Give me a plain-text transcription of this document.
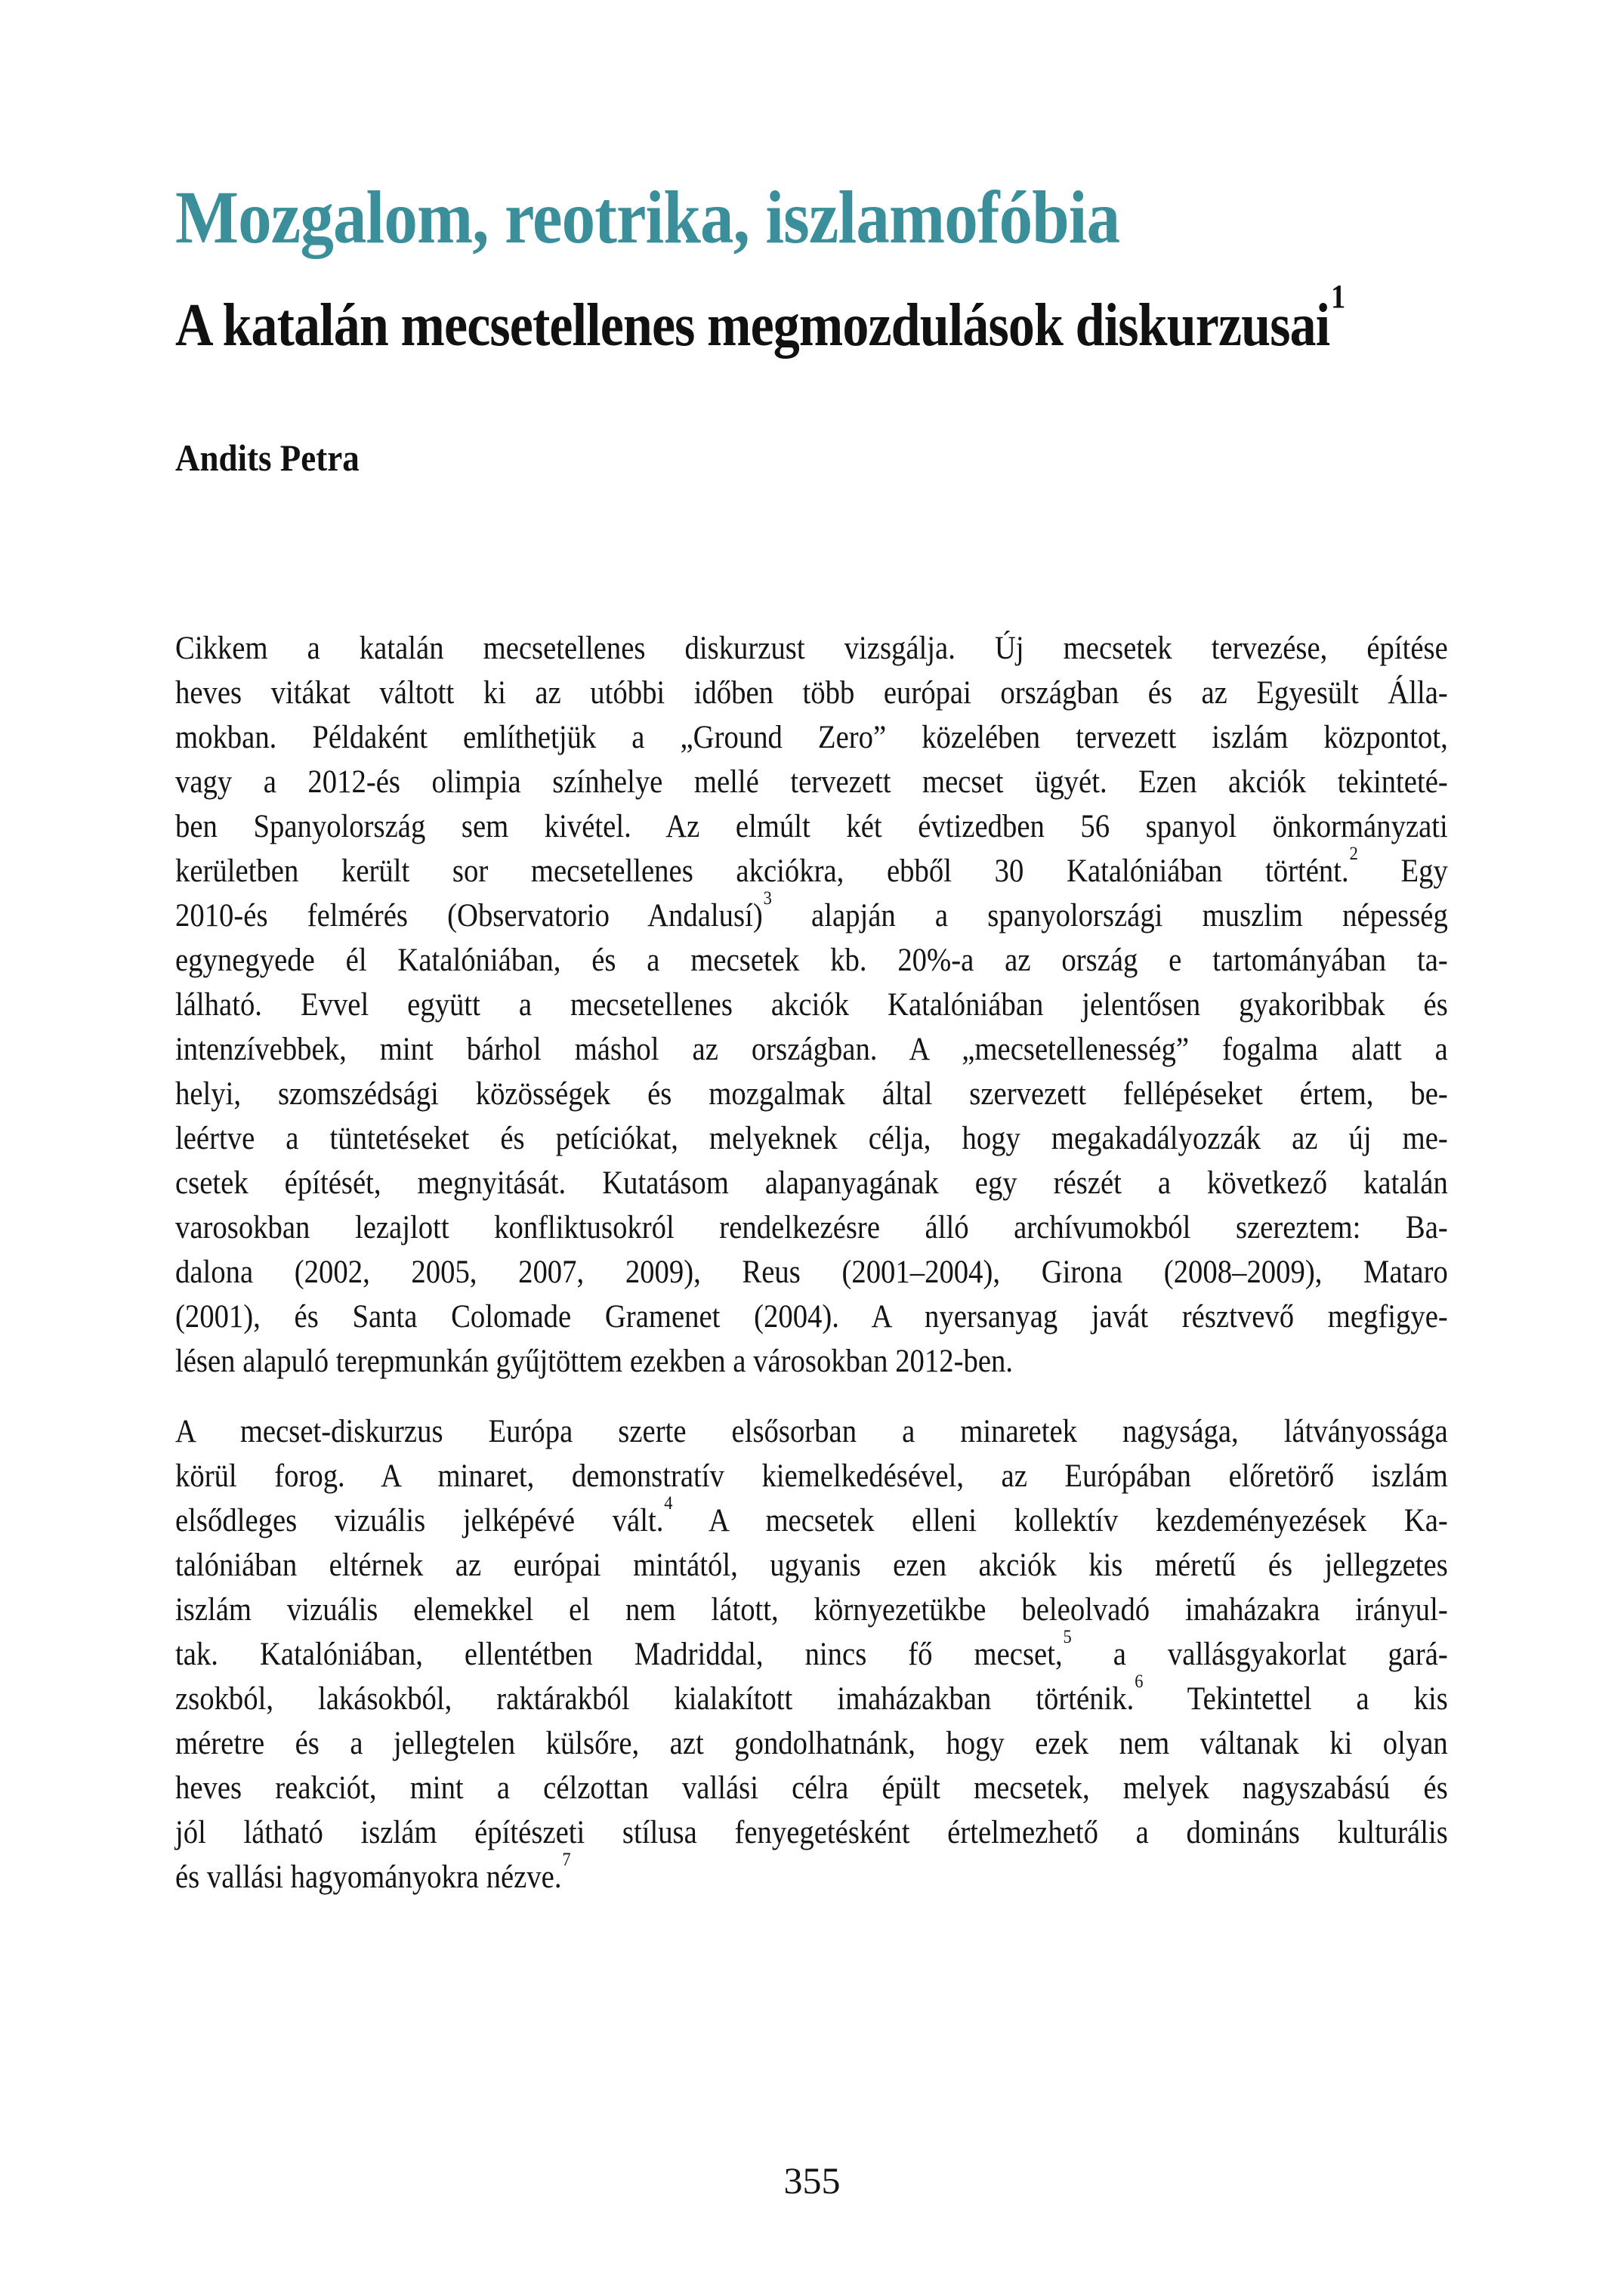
Mozgalom, reotrika, iszlamofóbia
A katalán mecsetellenes megmozdulások diskurzusai$^1$
Andits Petra
Cikkem a katalán mecsetellenes diskurzust vizsgálja. Új mecsetek tervezése, építése
heves vitákat váltott ki az utóbbi időben több európai országban és az Egyesült Álla-
mokban. Példaként említhetjük a „Ground Zero” közelében tervezett iszlám központot,
vagy a 2012-és olimpia színhelye mellé tervezett mecset ügyét. Ezen akciók tekinteté-
ben Spanyolország sem kivétel. Az elmúlt két évtizedben 56 spanyol önkormányzati
kerületben került sor mecsetellenes akciókra, ebből 30 Katalóniában történt.$^2$ Egy
2010-és felmérés (Observatorio Andalusí)$^3$ alapján a spanyolországi muszlim népesség
egynegyede él Katalóniában, és a mecsetek kb. 20%-a az ország e tartományában ta-
lálható. Evvel együtt a mecsetellenes akciók Katalóniában jelentősen gyakoribbak és
intenzívebbek, mint bárhol máshol az országban. A „mecsetellenesség” fogalma alatt a
helyi, szomszédsági közösségek és mozgalmak által szervezett fellépéseket értem, be-
leértve a tüntetéseket és petíciókat, melyeknek célja, hogy megakadályozzák az új me-
csetek építését, megnyitását. Kutatásom alapanyagának egy részét a következő katalán
varosokban lezajlott konfliktusokról rendelkezésre álló archívumokból szereztem: Ba-
dalona (2002, 2005, 2007, 2009), Reus (2001–2004), Girona (2008–2009), Mataro
(2001), és Santa Colomade Gramenet (2004). A nyersanyag javát résztvevő megfigye-
lésen alapuló terepmunkán gyűjtöttem ezekben a városokban 2012-ben.
A mecset-diskurzus Európa szerte elsősorban a minaretek nagysága, látványossága
körül forog. A minaret, demonstratív kiemelkedésével, az Európában előretörő iszlám
elsődleges vizuális jelképévé vált.$^4$ A mecsetek elleni kollektív kezdeményezések Ka-
talóniában eltérnek az európai mintától, ugyanis ezen akciók kis méretű és jellegzetes
iszlám vizuális elemekkel el nem látott, környezetükbe beleolvadó imaházakra irányul-
tak. Katalóniában, ellentétben Madriddal, nincs fő mecset,$^5$ a vallásgyakorlat gará-
zsokból, lakásokból, raktárakból kialakított imaházakban történik.$^6$ Tekintettel a kis
méretre és a jellegtelen külsőre, azt gondolhatnánk, hogy ezek nem váltanak ki olyan
heves reakciót, mint a célzottan vallási célra épült mecsetek, melyek nagyszabású és
jól látható iszlám építészeti stílusa fenyegetésként értelmezhető a domináns kulturális
és vallási hagyományokra nézve.$^7$
355
